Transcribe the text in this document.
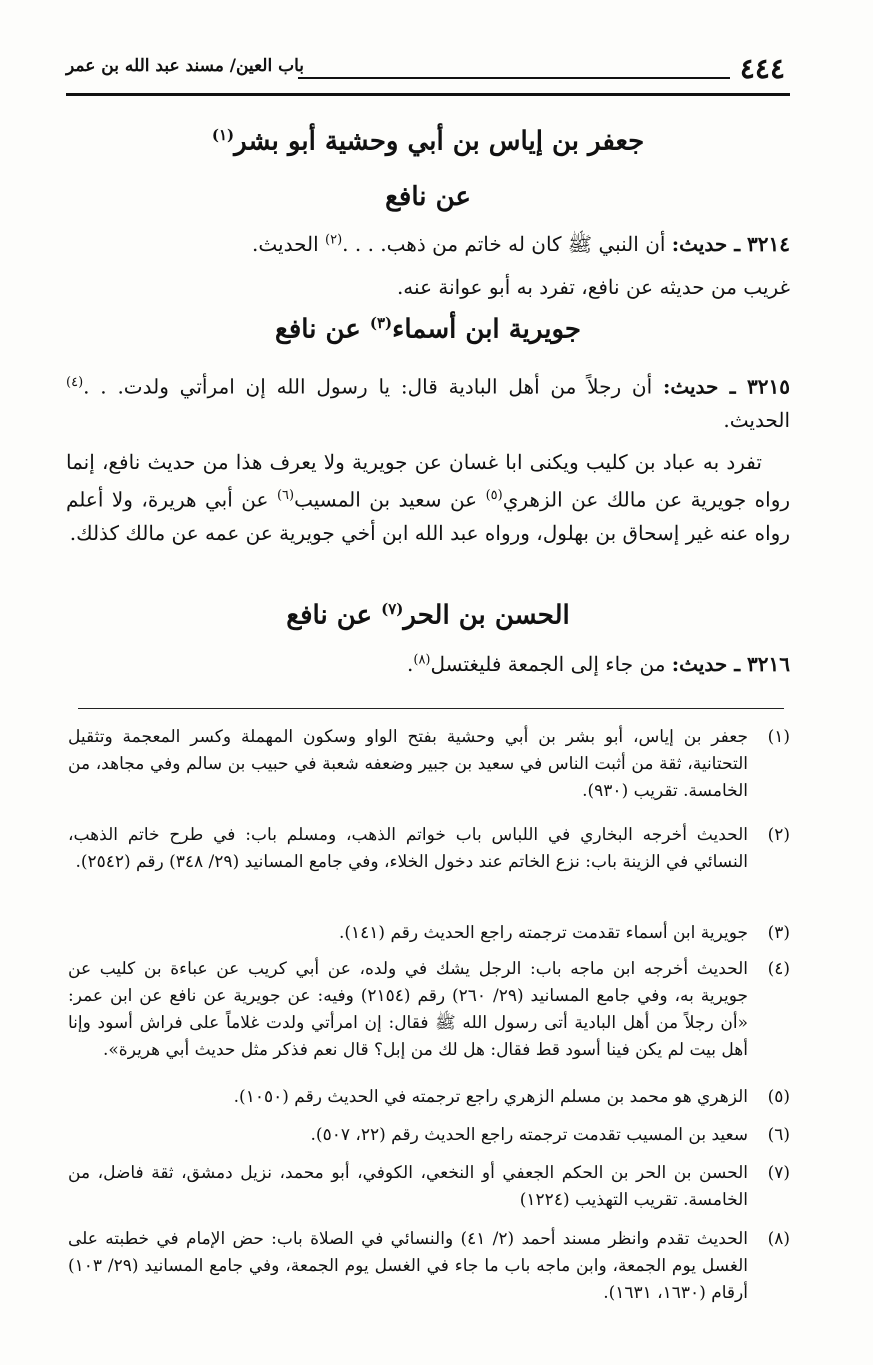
٤٤٤
باب العين/ مسند عبد الله بن عمر
جعفر بن إياس بن أبي وحشية أبو بشر$^{(١)}$
عن نافع
٣٢١٤ ـ حديث: أن النبي ﷺ كان له خاتم من ذهب. . . .$^{(٢)}$ الحديث.
غريب من حديثه عن نافع، تفرد به أبو عوانة عنه.
جويرية ابن أسماء$^{(٣)}$ عن نافع
٣٢١٥ ـ حديث: أن رجلاً من أهل البادية قال: يا رسول الله إن امرأتي ولدت. . .$^{(٤)}$ الحديث.
تفرد به عباد بن كليب ويكنى ابا غسان عن جويرية ولا يعرف هذا من حديث نافع، إنما رواه جويرية عن مالك عن الزهري$^{(٥)}$ عن سعيد بن المسيب$^{(٦)}$ عن أبي هريرة، ولا أعلم رواه عنه غير إسحاق بن بهلول، ورواه عبد الله ابن أخي جويرية عن عمه عن مالك كذلك.
الحسن بن الحر$^{(٧)}$ عن نافع
٣٢١٦ ـ حديث: من جاء إلى الجمعة فليغتسل$^{(٨)}$.
(١)
جعفر بن إياس، أبو بشر بن أبي وحشية بفتح الواو وسكون المهملة وكسر المعجمة وتثقيل التحتانية، ثقة من أثبت الناس في سعيد بن جبير وضعفه شعبة في حبيب بن سالم وفي مجاهد، من الخامسة. تقريب (٩٣٠).
(٢)
الحديث أخرجه البخاري في اللباس باب خواتم الذهب، ومسلم باب: في طرح خاتم الذهب، النسائي في الزينة باب: نزع الخاتم عند دخول الخلاء، وفي جامع المسانيد (٢٩/ ٣٤٨) رقم (٢٥٤٢).
(٣)
جويرية ابن أسماء تقدمت ترجمته راجع الحديث رقم (١٤١).
(٤)
الحديث أخرجه ابن ماجه باب: الرجل يشك في ولده، عن أبي كريب عن عباءة بن كليب عن جويرية به، وفي جامع المسانيد (٢٩/ ٢٦٠) رقم (٢١٥٤) وفيه: عن جويرية عن نافع عن ابن عمر: «أن رجلاً من أهل البادية أتى رسول الله ﷺ فقال: إن امرأتي ولدت غلاماً على فراش أسود وإنا أهل بيت لم يكن فينا أسود قط فقال: هل لك من إبل؟ قال نعم فذكر مثل حديث أبي هريرة».
(٥)
الزهري هو محمد بن مسلم الزهري راجع ترجمته في الحديث رقم (١٠٥٠).
(٦)
سعيد بن المسيب تقدمت ترجمته راجع الحديث رقم (٢٢، ٥٠٧).
(٧)
الحسن بن الحر بن الحكم الجعفي أو النخعي، الكوفي، أبو محمد، نزيل دمشق، ثقة فاضل، من الخامسة. تقريب التهذيب (١٢٢٤)
(٨)
الحديث تقدم وانظر مسند أحمد (٢/ ٤١) والنسائي في الصلاة باب: حض الإمام في خطبته على الغسل يوم الجمعة، وابن ماجه باب ما جاء في الغسل يوم الجمعة، وفي جامع المسانيد (٢٩/ ١٠٣) أرقام (١٦٣٠، ١٦٣١).
